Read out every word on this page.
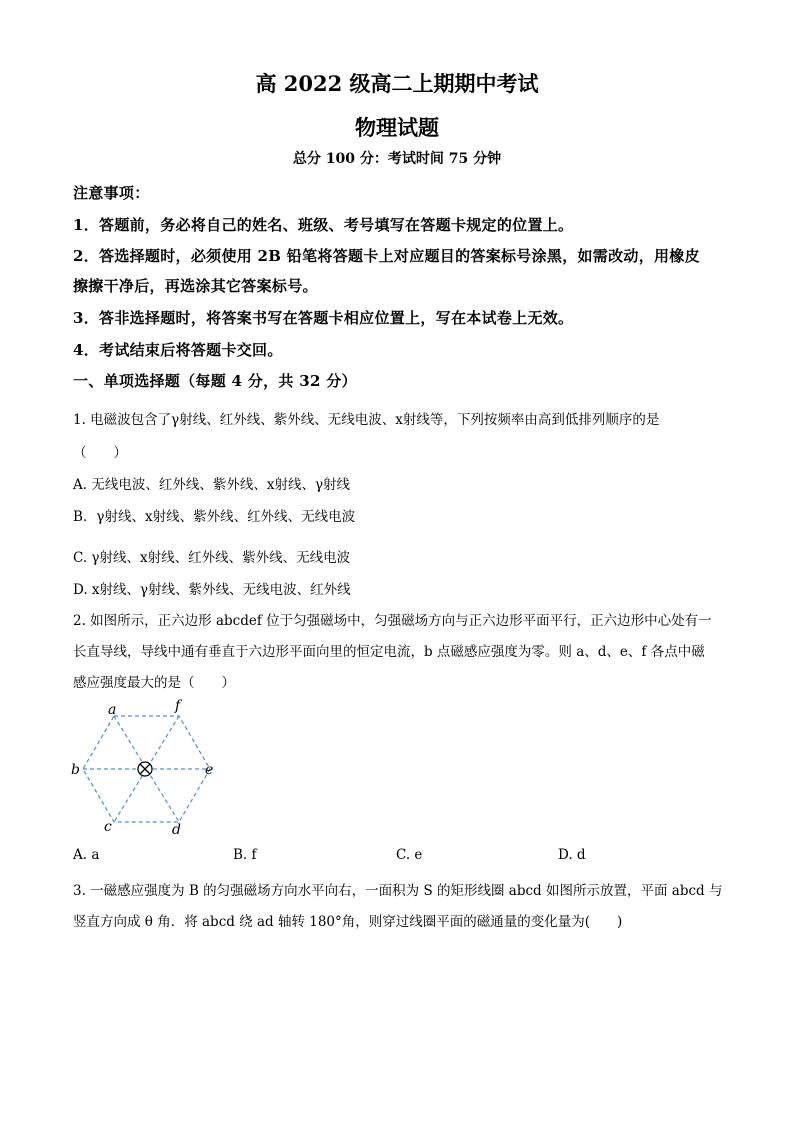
高 2022 级高二上期期中考试
物理试题
总分 100 分：考试时间 75 分钟
注意事项：
1．答题前，务必将自己的姓名、班级、考号填写在答题卡规定的位置上。
2．答选择题时，必须使用 2B 铅笔将答题卡上对应题目的答案标号涂黑，如需改动，用橡皮
擦擦干净后，再选涂其它答案标号。
3．答非选择题时，将答案书写在答题卡相应位置上，写在本试卷上无效。
4．考试结束后将答题卡交回。
一、单项选择题（每题 4 分，共 32 分）
1. 电磁波包含了γ射线、红外线、紫外线、无线电波、x射线等，下列按频率由高到低排列顺序的是
（　　）
A. 无线电波、红外线、紫外线、x射线、γ射线
B．γ射线、x射线、紫外线、红外线、无线电波
C. γ射线、x射线、红外线、紫外线、无线电波
D. x射线、γ射线、紫外线、无线电波、红外线
2. 如图所示，正六边形 abcdef 位于匀强磁场中，匀强磁场方向与正六边形平面平行，正六边形中心处有一
长直导线，导线中通有垂直于六边形平面向里的恒定电流，b 点磁感应强度为零。则 a、d、e、f 各点中磁
感应强度最大的是（　　）
a	f
b	e
c	d
A. a	B. f	C. e	D. d
3. 一磁感应强度为 B 的匀强磁场方向水平向右，一面积为 S 的矩形线圈 abcd 如图所示放置，平面 abcd 与
竖直方向成 θ 角．将 abcd 绕 ad 轴转 180°角，则穿过线圈平面的磁通量的变化量为(　　)
